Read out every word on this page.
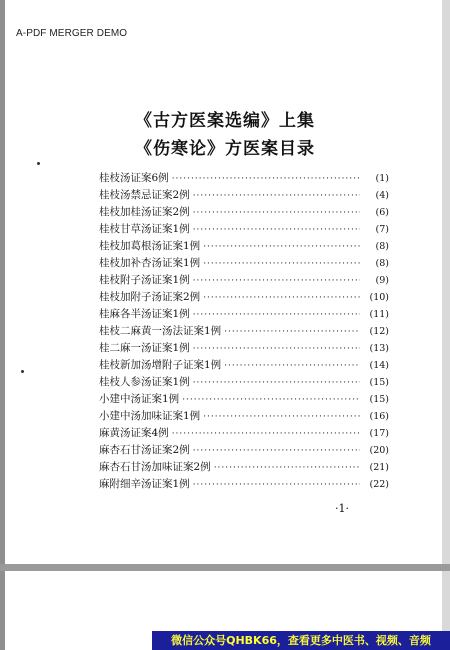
A-PDF MERGER DEMO
《古方医案选编》上集
《伤寒论》方医案目录
桂枝汤证案6例 ·····	(1)
桂枝汤禁忌证案2例 ·····	(4)
桂枝加桂汤证案2例 ·····	(6)
桂枝甘草汤证案1例 ·····	(7)
桂枝加葛根汤证案1例 ·····	(8)
桂枝加补杏汤证案1例 ·····	(8)
桂枝附子汤证案1例 ·····	(9)
桂枝加附子汤证案2例 ·····	(10)
桂麻各半汤证案1例 ·····	(11)
桂枝二麻黄一汤法证案1例 ·····	(12)
桂二麻一汤证案1例 ·····	(13)
桂枝新加汤增附子证案1例 ·····	(14)
桂枝人参汤证案1例 ·····	(15)
小建中汤证案1例 ·····	(15)
小建中汤加味证案1例 ·····	(16)
麻黄汤证案4例 ·····	(17)
麻杏石甘汤证案2例 ·····	(20)
麻杏石甘汤加味证案2例 ·····	(21)
麻附细辛汤证案1例 ·····	(22)
·1·
微信公众号QHBK66，查看更多中医书、视频、音频
